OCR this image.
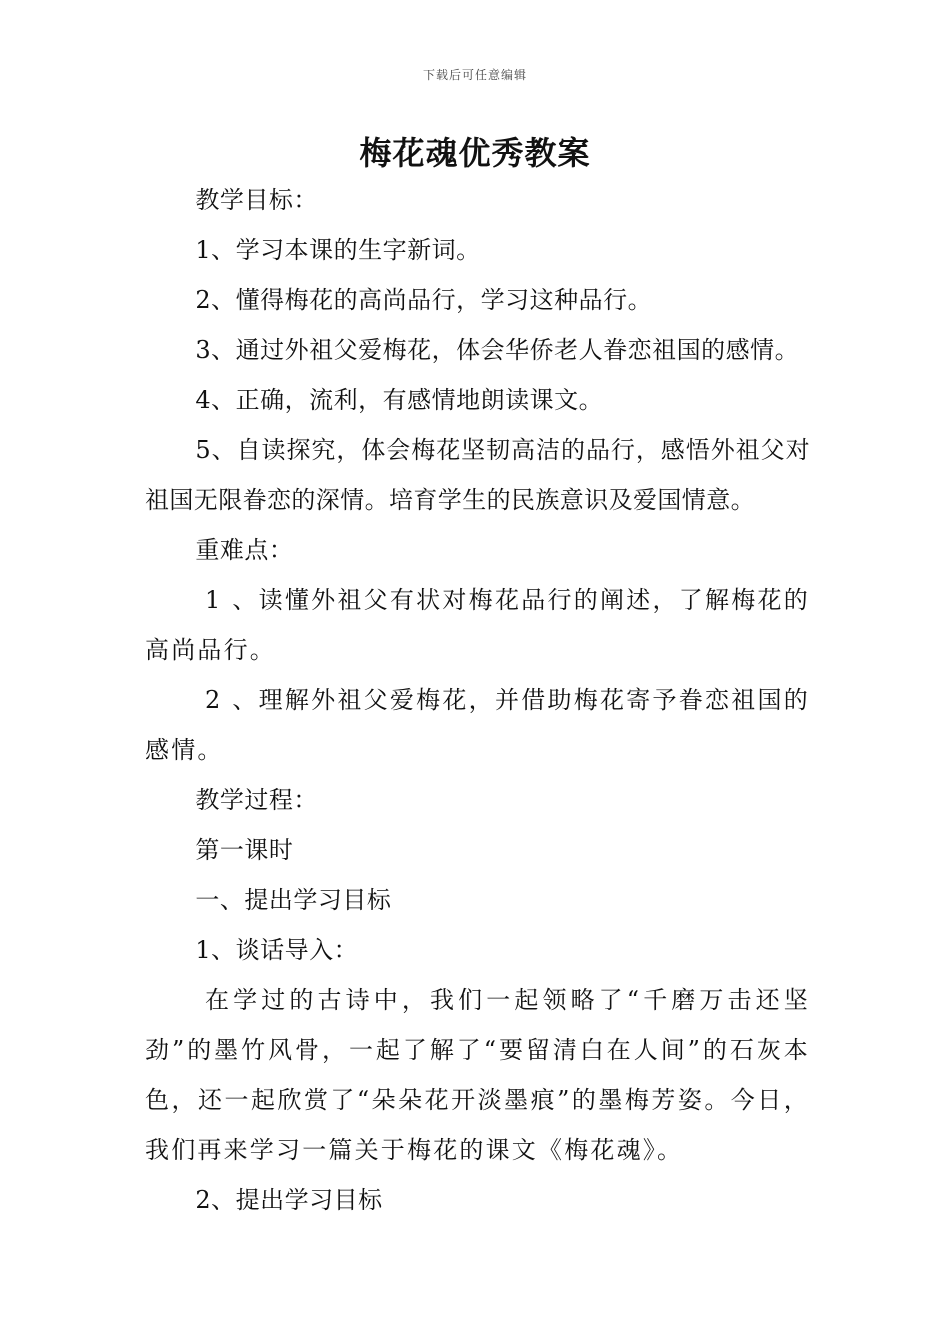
下载后可任意编辑
梅花魂优秀教案

教学目标：

1、学习本课的生字新词。

2、懂得梅花的高尚品行，学习这种品行。

3、通过外祖父爱梅花，体会华侨老人眷恋祖国的感情。

4、正确，流利，有感情地朗读课文。

5、自读探究，体会梅花坚韧高洁的品行，感悟外祖父对祖国无限眷恋的深情。培育学生的民族意识及爱国情意。

重难点：

1 、读懂外祖父有状对梅花品行的阐述，了解梅花的高尚品行。

2 、理解外祖父爱梅花，并借助梅花寄予眷恋祖国的感情。

教学过程：

第一课时

一、提出学习目标

1、谈话导入：

在学过的古诗中，我们一起领略了“千磨万击还坚劲”的墨竹风骨，一起了解了“要留清白在人间”的石灰本色，还一起欣赏了“朵朵花开淡墨痕”的墨梅芳姿。今日，我们再来学习一篇关于梅花的课文《梅花魂》。

2、提出学习目标
